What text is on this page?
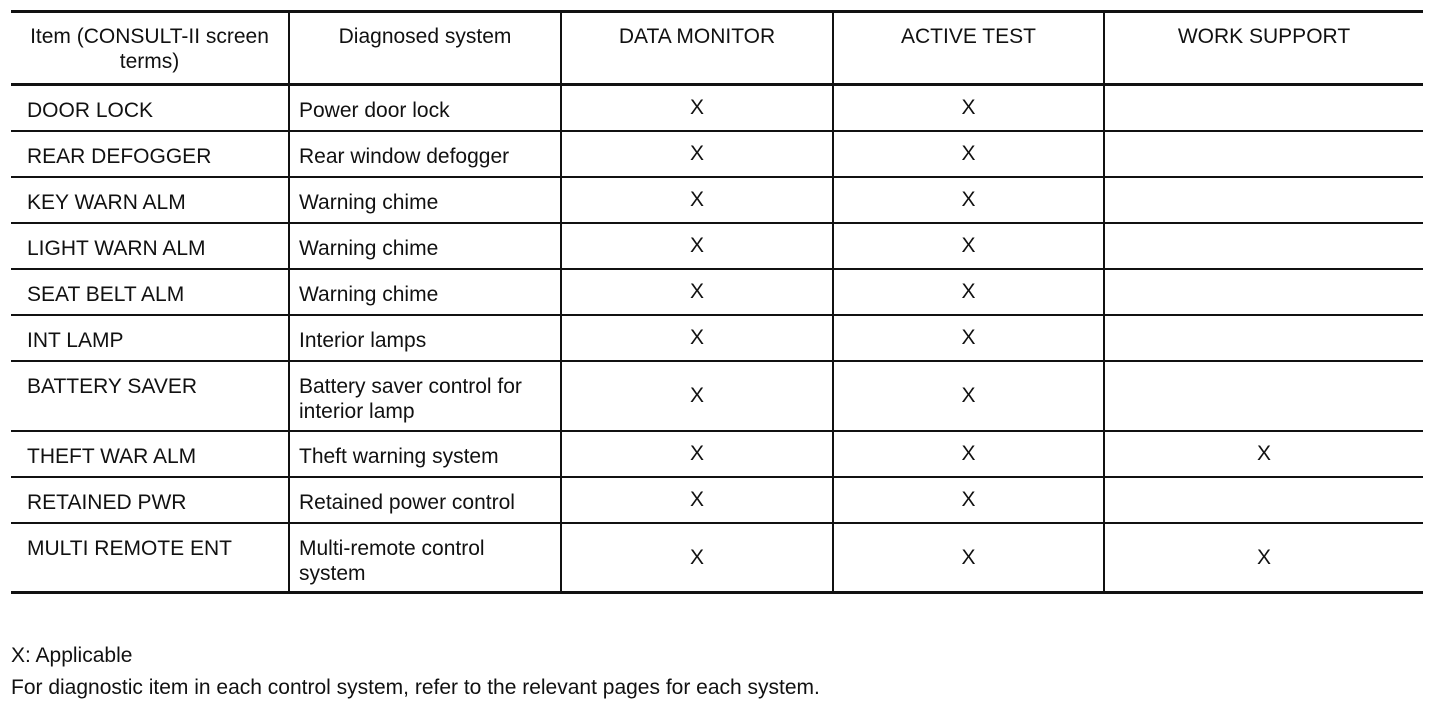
Item (CONSULT-II screen terms)	Diagnosed system	DATA MONITOR	ACTIVE TEST	WORK SUPPORT
DOOR LOCK	Power door lock	X	X	
REAR DEFOGGER	Rear window defogger	X	X	
KEY WARN ALM	Warning chime	X	X	
LIGHT WARN ALM	Warning chime	X	X	
SEAT BELT ALM	Warning chime	X	X	
INT LAMP	Interior lamps	X	X	
BATTERY SAVER	Battery saver control for interior lamp	X	X	
THEFT WAR ALM	Theft warning system	X	X	X
RETAINED PWR	Retained power control	X	X	
MULTI REMOTE ENT	Multi-remote control system	X	X	X
X: Applicable
For diagnostic item in each control system, refer to the relevant pages for each system.
